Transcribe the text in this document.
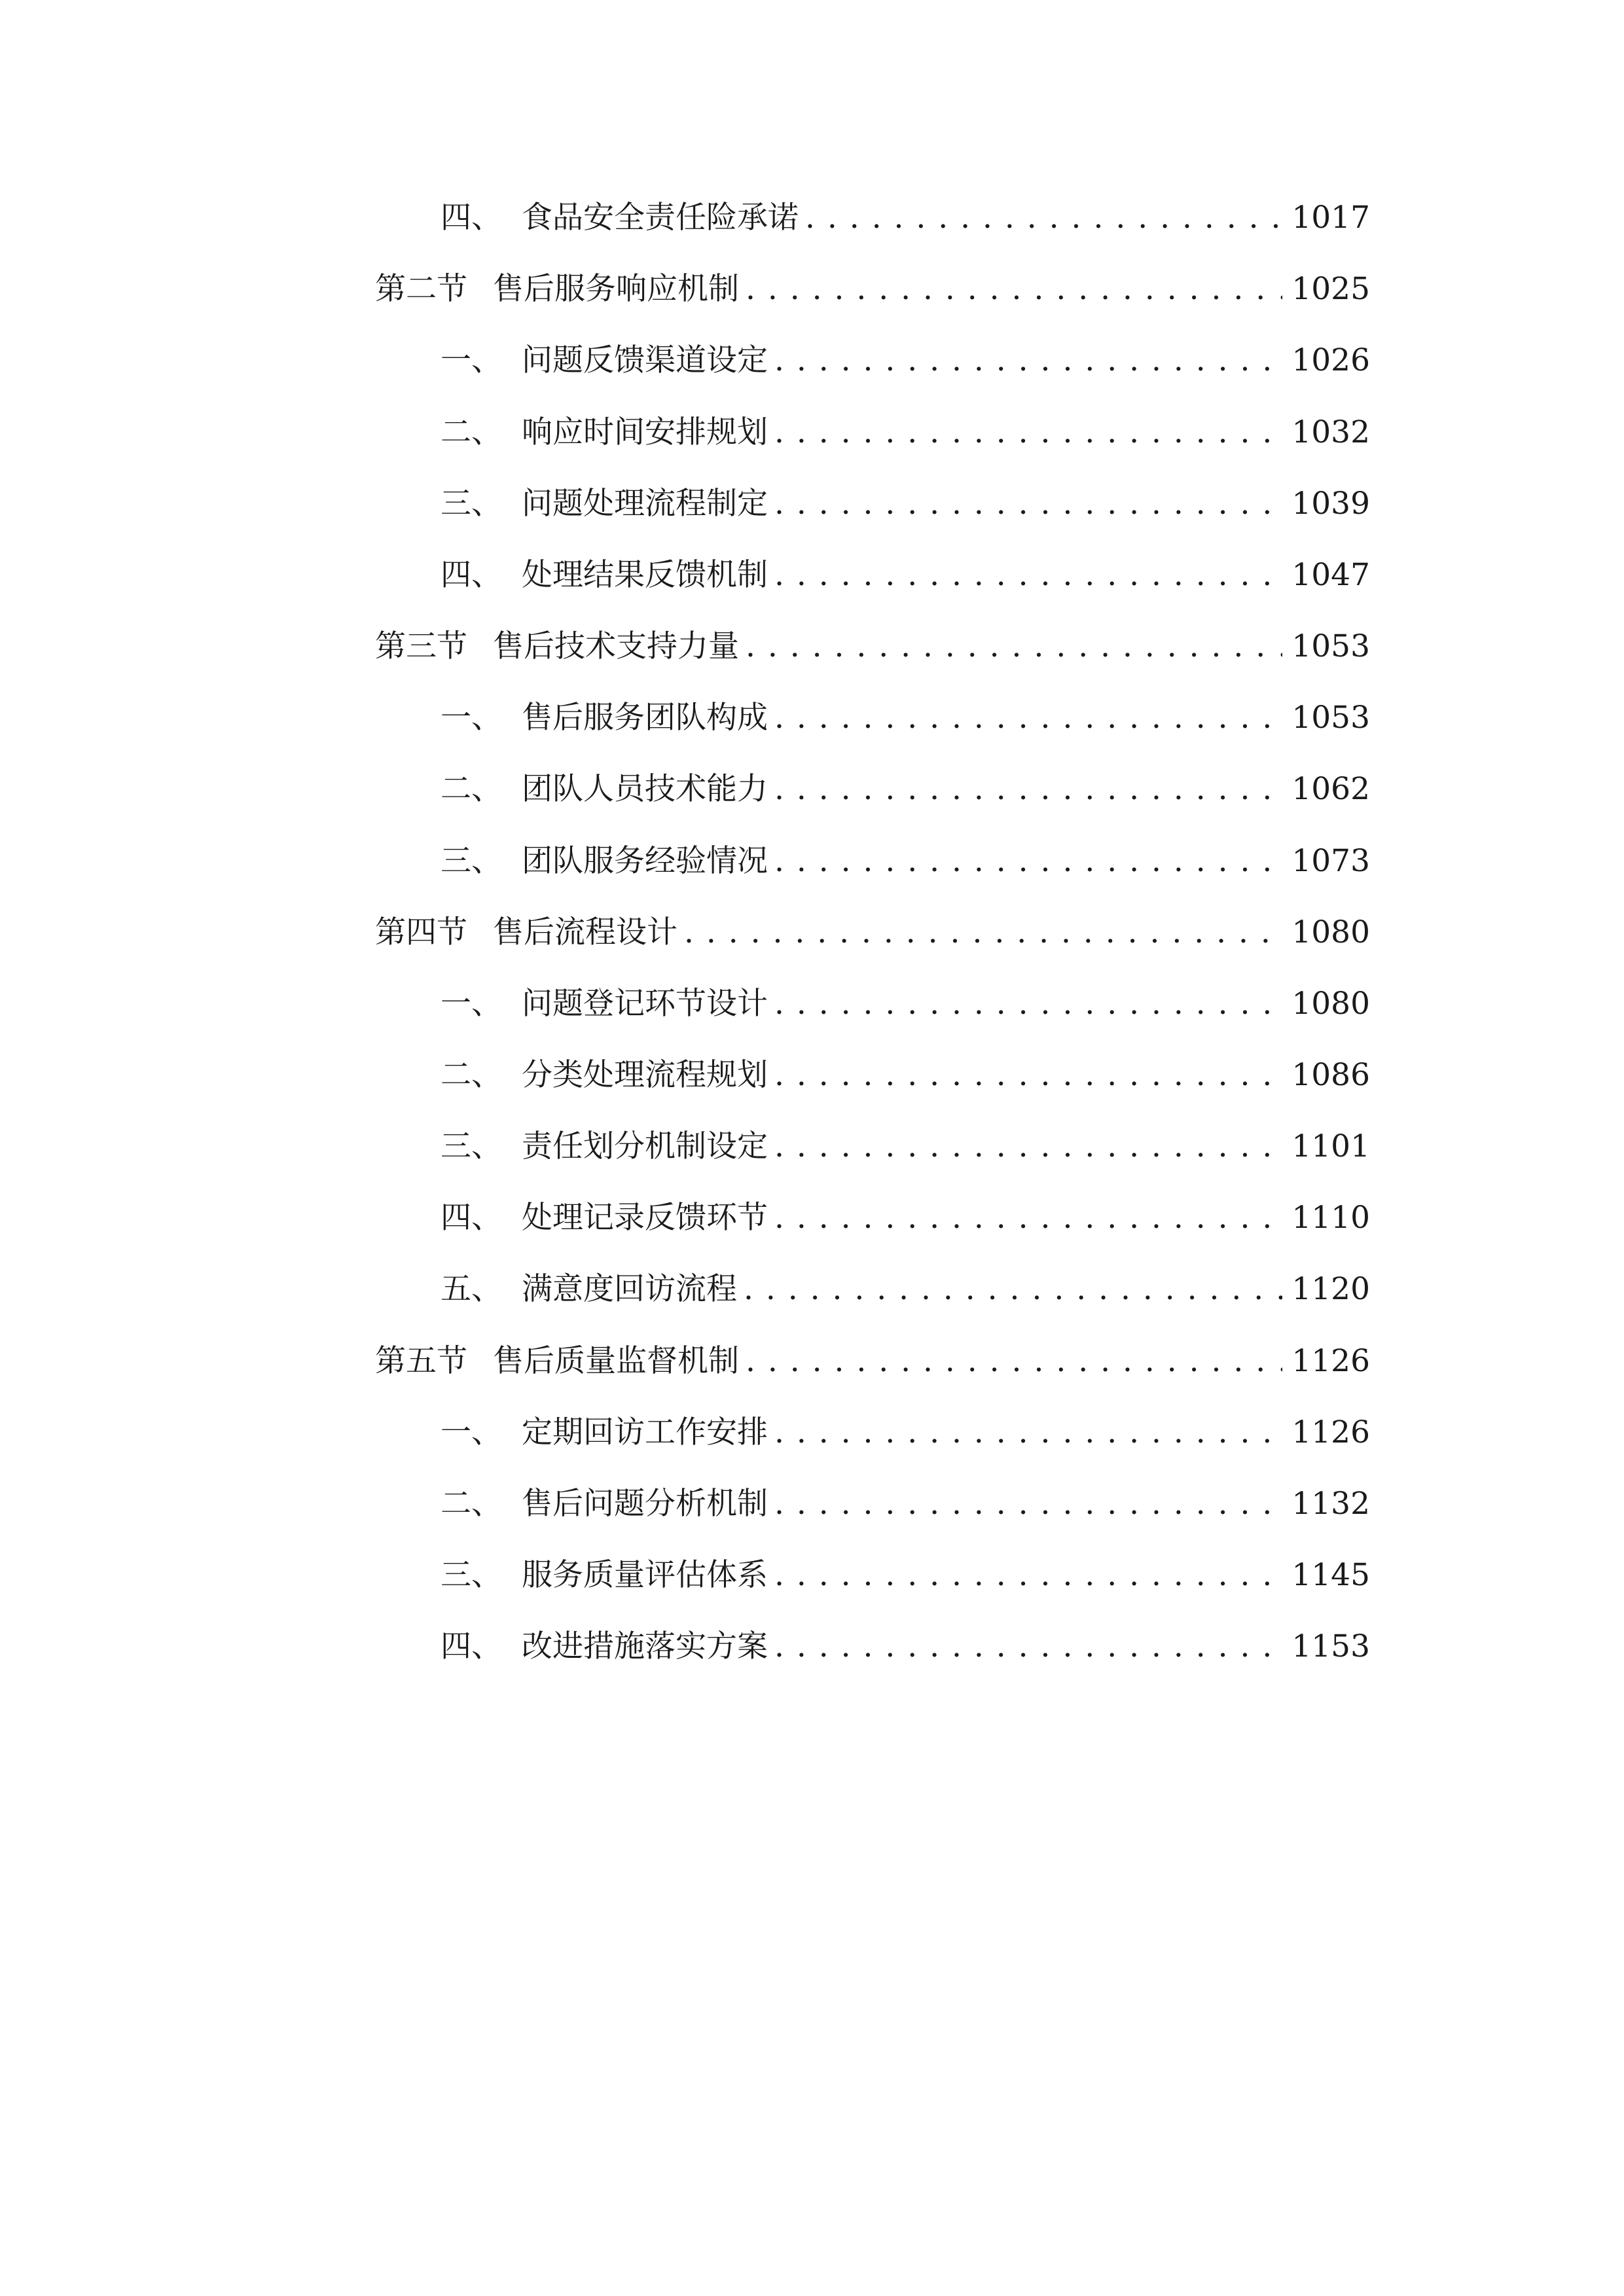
四、 食品安全责任险承诺 . . .	1017
第二节 售后服务响应机制 . . .	1025
一、 问题反馈渠道设定 . . .	1026
二、 响应时间安排规划 . . .	1032
三、 问题处理流程制定 . . .	1039
四、 处理结果反馈机制 . . .	1047
第三节 售后技术支持力量 . . .	1053
一、 售后服务团队构成 . . .	1053
二、 团队人员技术能力 . . .	1062
三、 团队服务经验情况 . . .	1073
第四节 售后流程设计 . . .	1080
一、 问题登记环节设计 . . .	1080
二、 分类处理流程规划 . . .	1086
三、 责任划分机制设定 . . .	1101
四、 处理记录反馈环节 . . .	1110
五、 满意度回访流程 . . .	1120
第五节 售后质量监督机制 . . .	1126
一、 定期回访工作安排 . . .	1126
二、 售后问题分析机制 . . .	1132
三、 服务质量评估体系 . . .	1145
四、 改进措施落实方案 . . .	1153
